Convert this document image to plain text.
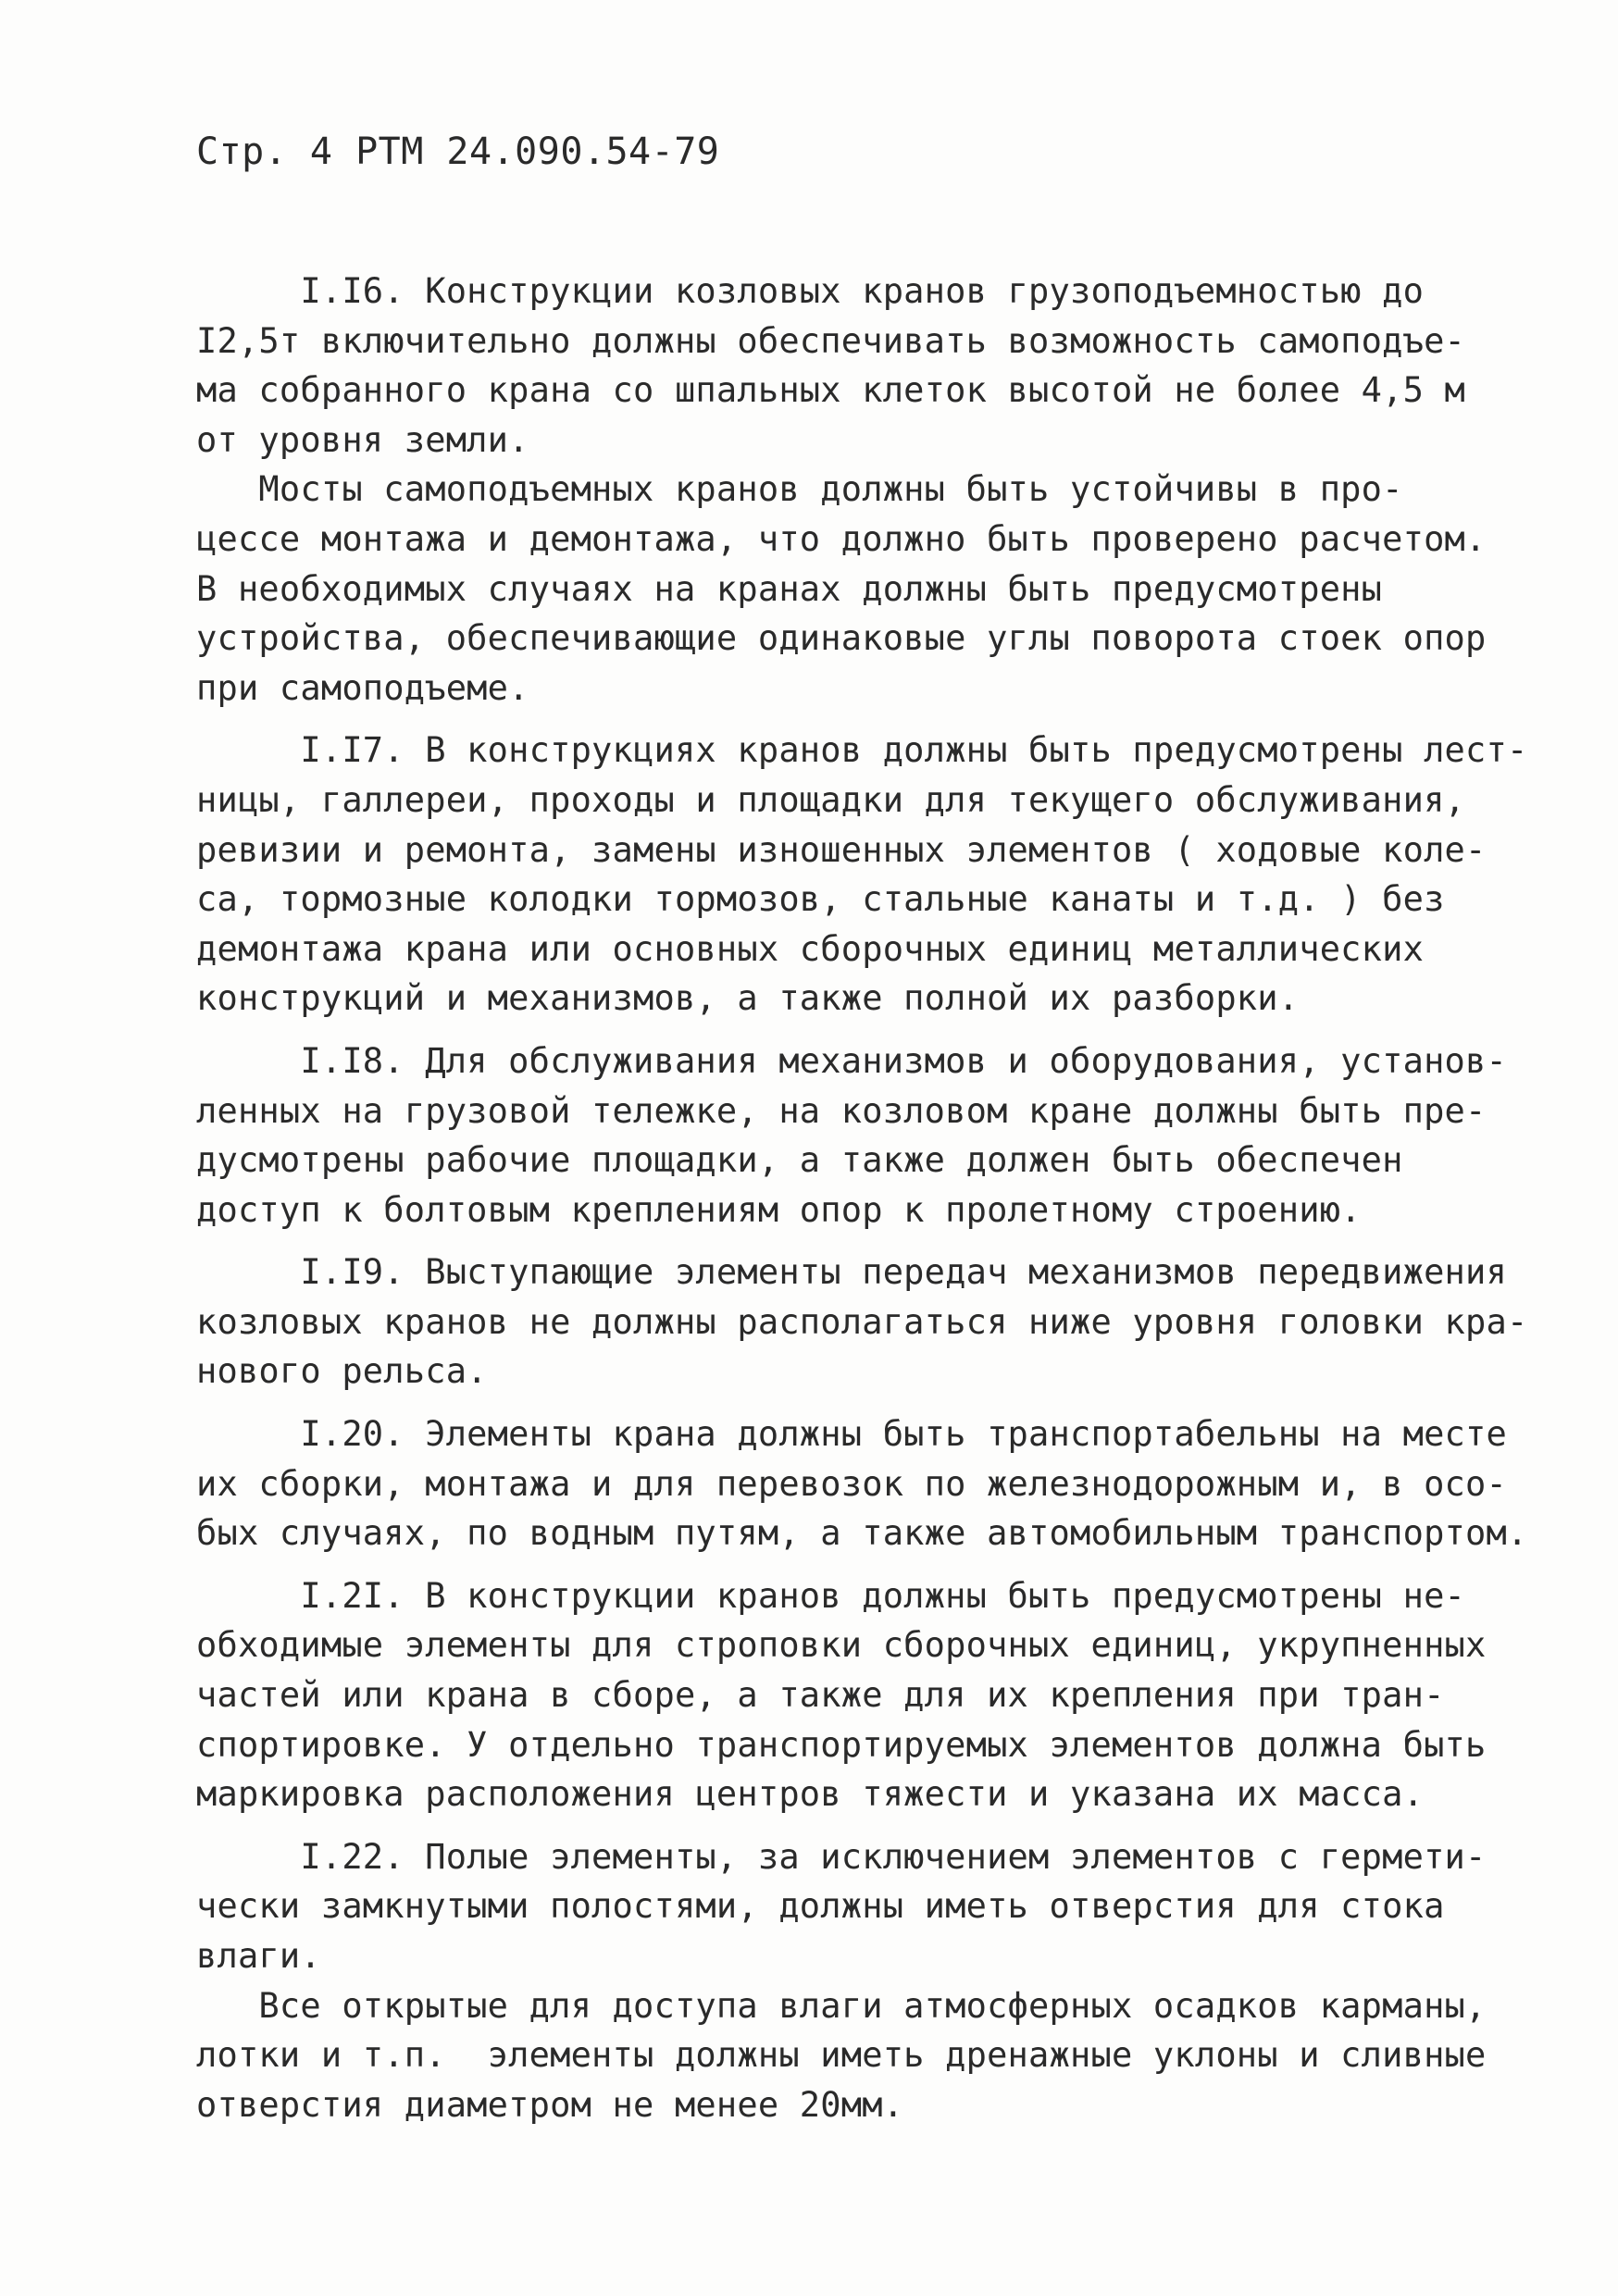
Стр. 4 РТМ 24.090.54-79
I.I6. Конструкции козловых кранов грузоподъемностью до
I2,5т включительно должны обеспечивать возможность самоподъе-
ма собранного крана со шпальных клеток высотой не более 4,5 м
от уровня земли.
Мосты самоподъемных кранов должны быть устойчивы в про-
цессе монтажа и демонтажа, что должно быть проверено расчетом.
В необходимых случаях на кранах должны быть предусмотрены
устройства, обеспечивающие одинаковые углы поворота стоек опор
при самоподъеме.
I.I7. В конструкциях кранов должны быть предусмотрены лест-
ницы, галлереи, проходы и площадки для текущего обслуживания,
ревизии и ремонта, замены изношенных элементов ( ходовые коле-
са, тормозные колодки тормозов, стальные канаты и т.д. ) без
демонтажа крана или основных сборочных единиц металлических
конструкций и механизмов, а также полной их разборки.
I.I8. Для обслуживания механизмов и оборудования, установ-
ленных на грузовой тележке, на козловом кране должны быть пре-
дусмотрены рабочие площадки, а также должен быть обеспечен
доступ к болтовым креплениям опор к пролетному строению.
I.I9. Выступающие элементы передач механизмов передвижения
козловых кранов не должны располагаться ниже уровня головки кра-
нового рельса.
I.20. Элементы крана должны быть транспортабельны на месте
их сборки, монтажа и для перевозок по железнодорожным и, в осо-
бых случаях, по водным путям, а также автомобильным транспортом.
I.2I. В конструкции кранов должны быть предусмотрены не-
обходимые элементы для строповки сборочных единиц, укрупненных
частей или крана в сборе, а также для их крепления при тран-
спортировке. У отдельно транспортируемых элементов должна быть
маркировка расположения центров тяжести и указана их масса.
I.22. Полые элементы, за исключением элементов с гермети-
чески замкнутыми полостями, должны иметь отверстия для стока
влаги.
Все открытые для доступа влаги атмосферных осадков карманы,
лотки и т.п.  элементы должны иметь дренажные уклоны и сливные
отверстия диаметром не менее 20мм.
